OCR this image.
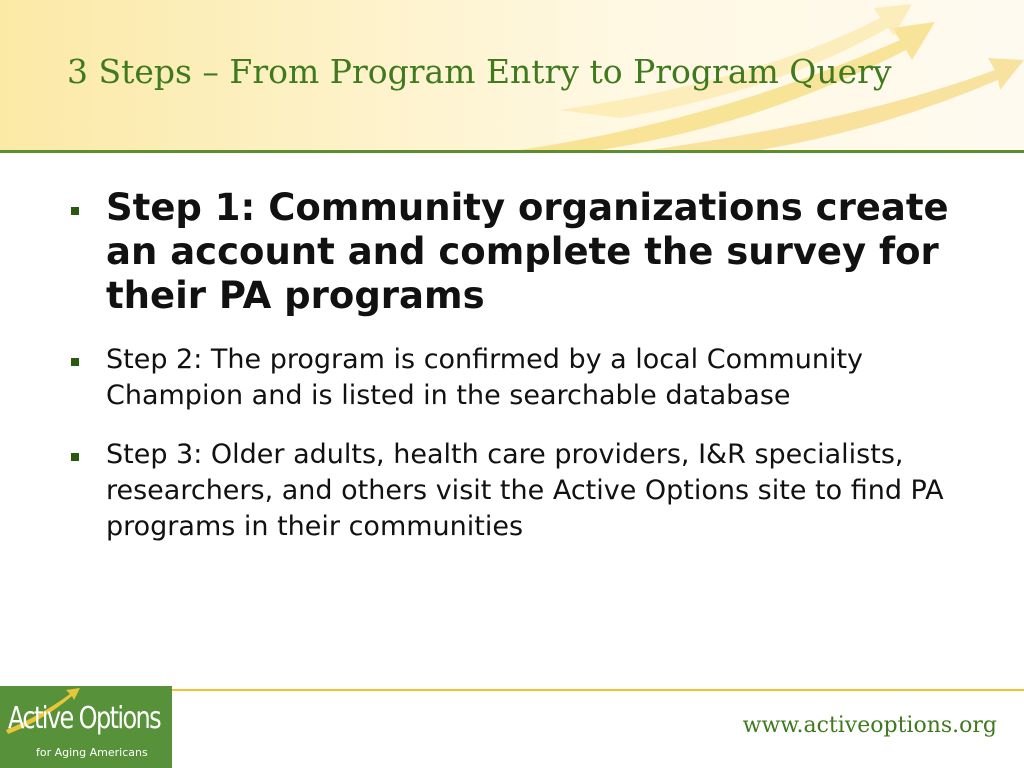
3 Steps – From Program Entry to Program Query
Step 1: Community organizations create an account and complete the survey for their PA programs
Step 2: The program is confirmed by a local Community Champion and is listed in the searchable database
Step 3: Older adults, health care providers, I&R specialists, researchers, and others visit the Active Options site to find PA programs in their communities
Active Options
for Aging Americans
www.activeoptions.org
